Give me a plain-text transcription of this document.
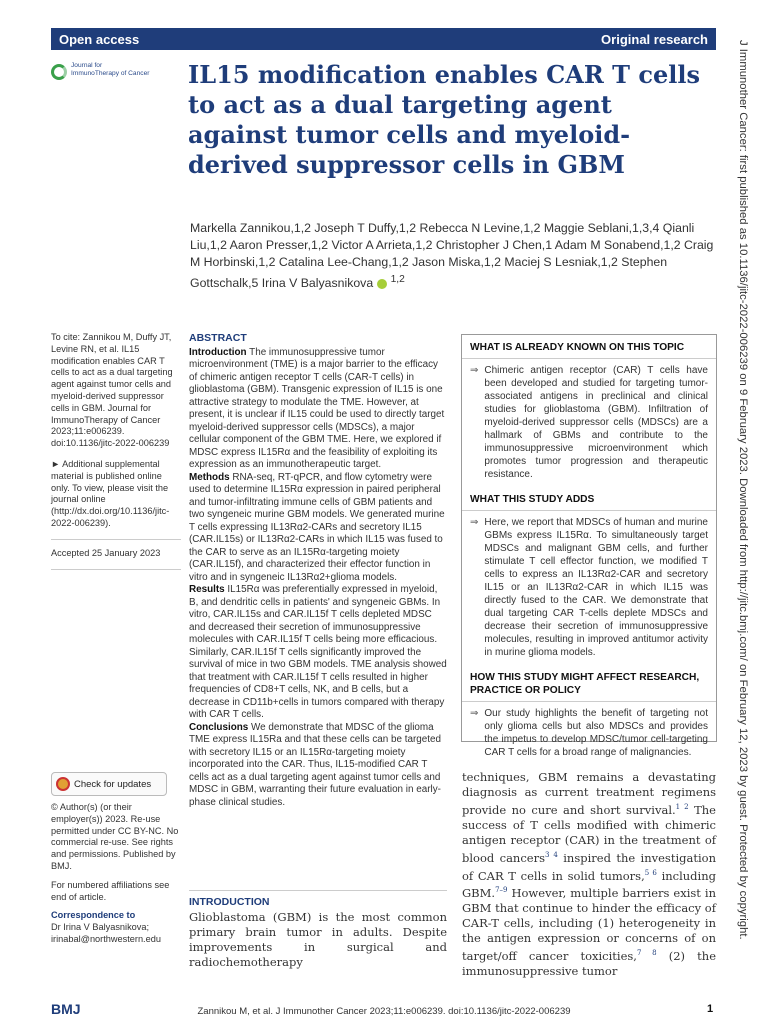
Open access	Original research
Journal for
ImmunoTherapy of Cancer IL15 modification enables CAR T cells to act as a dual targeting agent against tumor cells and myeloid-derived suppressor cells in GBM
Markella Zannikou,1,2 Joseph T Duffy,1,2 Rebecca N Levine,1,2 Maggie Seblani,1,3,4 Qianli Liu,1,2 Aaron Presser,1,2 Victor A Arrieta,1,2 Christopher J Chen,1 Adam M Sonabend,1,2 Craig M Horbinski,1,2 Catalina Lee-Chang,1,2 Jason Miska,1,2 Maciej S Lesniak,1,2 Stephen Gottschalk,5 Irina V Balyasnikova $^{1,2}$

To cite: Zannikou M, Duffy JT, Levine RN, et al. IL15 modification enables CAR T cells to act as a dual targeting agent against tumor cells and myeloid-derived suppressor cells in GBM. Journal for ImmunoTherapy of Cancer 2023;11:e006239. doi:10.1136/jitc-2022-006239

► Additional supplemental material is published online only. To view, please visit the journal online (http://dx.doi.org/10.1136/jitc-2022-006239).

Accepted 25 January 2023

Check for updates

© Author(s) (or their employer(s)) 2023. Re-use permitted under CC BY-NC. No commercial re-use. See rights and permissions. Published by BMJ.

For numbered affiliations see end of article.

Correspondence to
Dr Irina V Balyasnikova;
irinabal@northwestern.edu
ABSTRACT

Introduction The immunosuppressive tumor microenvironment (TME) is a major barrier to the efficacy of chimeric antigen receptor T cells (CAR-T cells) in glioblastoma (GBM). Transgenic expression of IL15 is one attractive strategy to modulate the TME. However, at present, it is unclear if IL15 could be used to directly target myeloid-derived suppressor cells (MDSCs), a major cellular component of the GBM TME. Here, we explored if MDSC express IL15Rα and the feasibility of exploiting its expression as an immunotherapeutic target.

Methods RNA-seq, RT-qPCR, and flow cytometry were used to determine IL15Rα expression in paired peripheral and tumor-infiltrating immune cells of GBM patients and two syngeneic murine GBM models. We generated murine T cells expressing IL13Rα2-CARs and secretory IL15 (CAR.IL15s) or IL13Rα2-CARs in which IL15 was fused to the CAR to serve as an IL15Rα-targeting moiety (CAR.IL15f), and characterized their effector function in vitro and in syngeneic IL13Rα2+glioma models.

Results IL15Rα was preferentially expressed in myeloid, B, and dendritic cells in patients' and syngeneic GBMs. In vitro, CAR.IL15s and CAR.IL15f T cells depleted MDSC and decreased their secretion of immunosuppressive molecules with CAR.IL15f T cells being more efficacious. Similarly, CAR.IL15f T cells significantly improved the survival of mice in two GBM models. TME analysis showed that treatment with CAR.IL15f T cells resulted in higher frequencies of CD8+T cells, NK, and B cells, but a decrease in CD11b+cells in tumors compared with therapy with CAR T cells.

Conclusions We demonstrate that MDSC of the glioma TME express IL15Ra and that these cells can be targeted with secretory IL15 or an IL15Rα-targeting moiety incorporated into the CAR. Thus, IL15-modified CAR T cells act as a dual targeting agent against tumor cells and MDSC in GBM, warranting their future evaluation in early-phase clinical studies.

INTRODUCTION

Glioblastoma (GBM) is the most common primary brain tumor in adults. Despite improvements in surgical and radiochemotherapy

WHAT IS ALREADY KNOWN ON THIS TOPIC
⇒ Chimeric antigen receptor (CAR) T cells have been developed and studied for targeting tumor-associated antigens in preclinical and clinical studies for glioblastoma (GBM). Infiltration of myeloid-derived suppressor cells (MDSCs) are a hallmark of GBMs and contribute to the immunosuppressive microenvironment which promotes tumor progression and therapeutic resistance.
WHAT THIS STUDY ADDS
⇒ Here, we report that MDSCs of human and murine GBMs express IL15Rα. To simultaneously target MDSCs and malignant GBM cells, and further stimulate T cell effector function, we modified T cells to express an IL13Rα2-CAR and secretory IL15 or an IL13Rα2-CAR in which IL15 was directly fused to the CAR. We demonstrate that dual targeting CAR T-cells deplete MDSCs and decrease their secretion of immunosuppressive molecules, resulting in improved antitumor activity in murine glioma models.
HOW THIS STUDY MIGHT AFFECT RESEARCH, PRACTICE OR POLICY
⇒ Our study highlights the benefit of targeting not only glioma cells but also MDSCs and provides the impetus to develop MDSC/tumor cell-targeting CAR T cells for a broad range of malignancies.

techniques, GBM remains a devastating diagnosis as current treatment regimens provide no cure and short survival.$^{1 2}$ The success of T cells modified with chimeric antigen receptor (CAR) in the treatment of blood cancers$^{3 4}$ inspired the investigation of CAR T cells in solid tumors,$^{5 6}$ including GBM.$^{7-9}$ However, multiple barriers exist in GBM that continue to hinder the efficacy of CAR-T cells, including (1) heterogeneity in the antigen expression or concerns of on target/off cancer toxicities,$^{7 8}$ (2) the immunosuppressive tumor

J Immunother Cancer: first published as 10.1136/jitc-2022-006239 on 9 February 2023. Downloaded from http://jitc.bmj.com/ on February 12, 2023 by guest. Protected by copyright.
BMJ	Zannikou M, et al. J Immunother Cancer 2023;11:e006239. doi:10.1136/jitc-2022-006239	1
